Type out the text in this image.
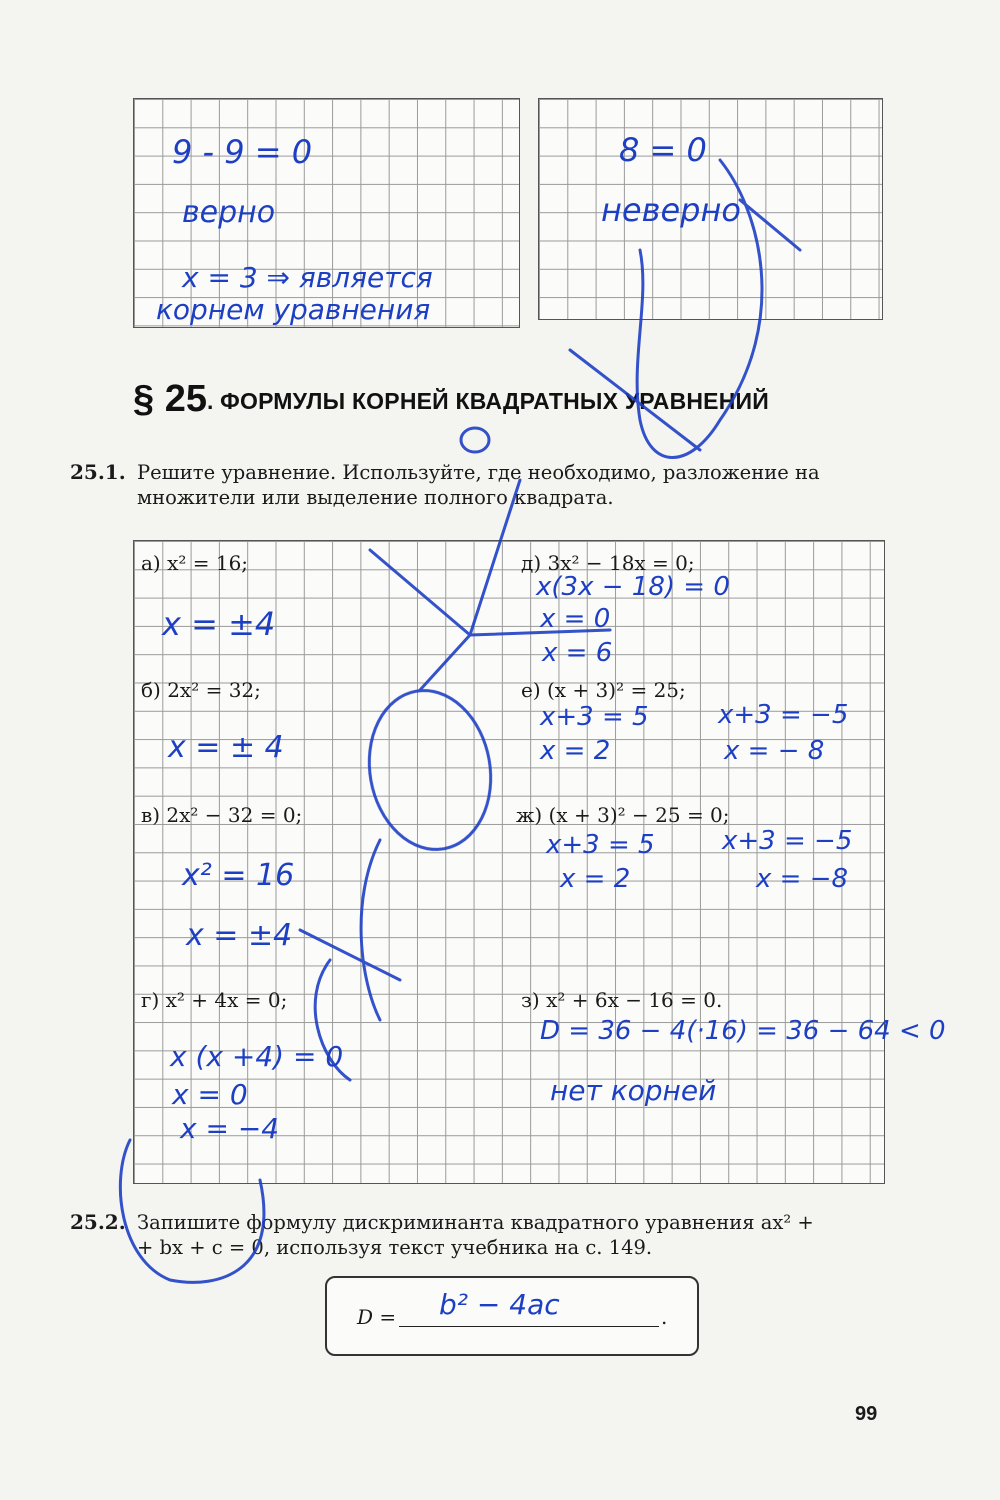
9 - 9 = 0
верно
x = 3 ⇒ является
корнем уравнения
8 = 0
неверно
§ 25. ФОРМУЛЫ КОРНЕЙ КВАДРАТНЫХ УРАВНЕНИЙ
25.1. Решите уравнение. Используйте, где необходимо, разложение на
множители или выделение полного квадрата.
а) x² = 16;
x = ±4
б) 2x² = 32;
x = ± 4
в) 2x² − 32 = 0;
x² = 16
x = ±4
г) x² + 4x = 0;
x (x +4) = 0
x = 0
x = −4
д) 3x² − 18x = 0;
x(3x − 18) = 0
x = 0
x = 6
е) (x + 3)² = 25;
x+3 = 5
x = 2
x+3 = −5
x = − 8
ж) (x + 3)² − 25 = 0;
x+3 = 5
x = 2
x+3 = −5
x = −8
з) x² + 6x − 16 = 0.
D = 36 − 4(·16) = 36 − 64 < 0
нет корней
25.2. Запишите формулу дискриминанта квадратного уравнения ax² +
+ bx + c = 0, используя текст учебника на с. 149.
D = b² − 4ac	.
99
